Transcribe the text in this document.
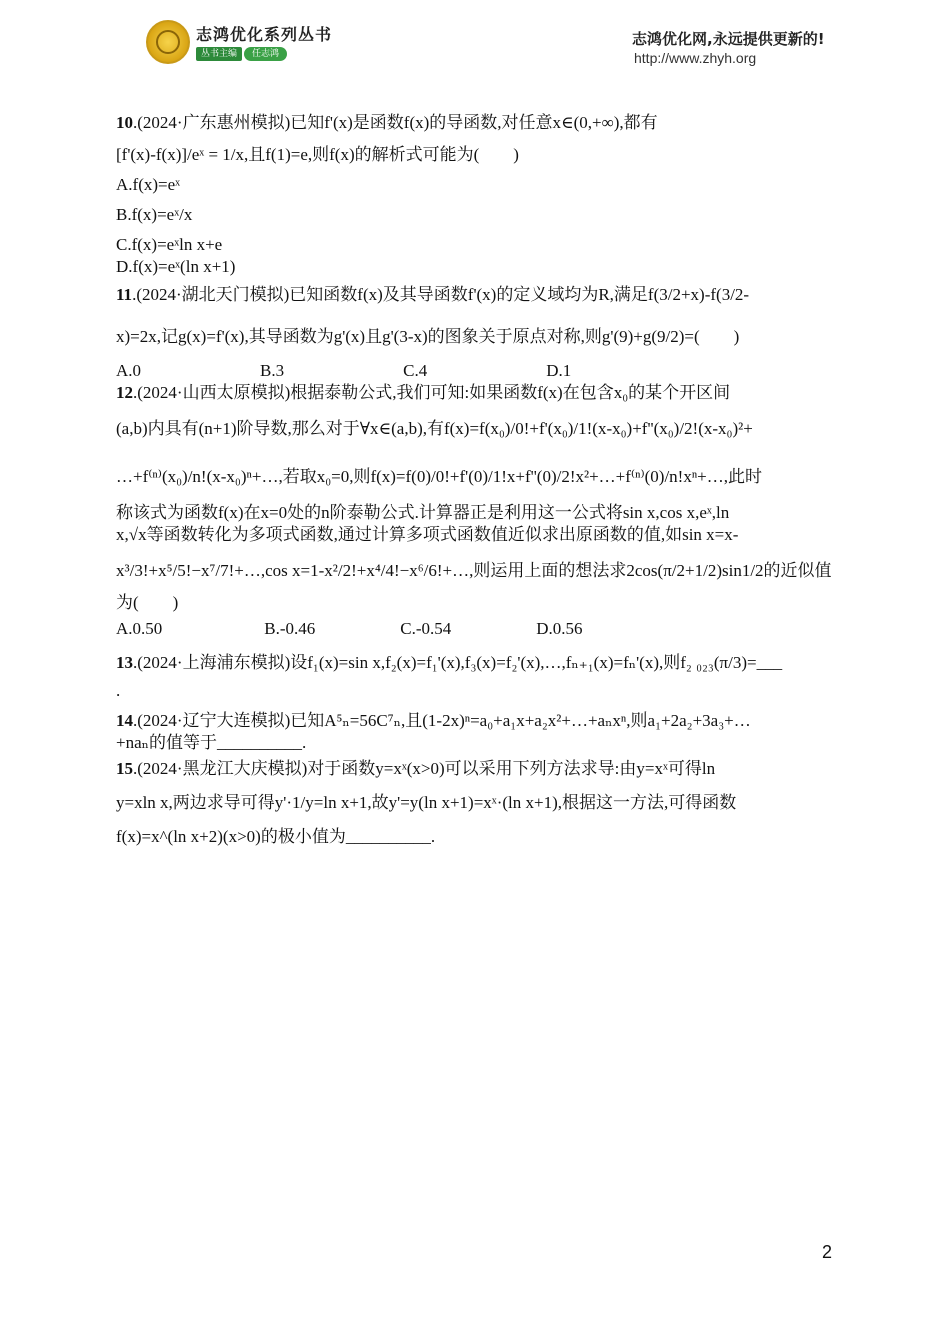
志鸿优化系列丛书
丛书主编	任志鸿
志鸿优化网,永远提供更新的!
http://www.zhyh.org

10.(2024·广东惠州模拟)已知f'(x)是函数f(x)的导函数,对任意x∈(0,+∞),都有

[f'(x)-f(x)]/eˣ = 1/x,且f(1)=e,则f(x)的解析式可能为(　　)

A.f(x)=eˣ

B.f(x)=eˣ/x

C.f(x)=eˣln x+e

D.f(x)=eˣ(ln x+1)

11.(2024·湖北天门模拟)已知函数f(x)及其导函数f'(x)的定义域均为R,满足f(3/2+x)-f(3/2-

x)=2x,记g(x)=f'(x),其导函数为g'(x)且g'(3-x)的图象关于原点对称,则g'(9)+g(9/2)=(　　)

A.0　　　　　　　B.3　　　　　　　C.4　　　　　　　D.1

12.(2024·山西太原模拟)根据泰勒公式,我们可知:如果函数f(x)在包含x₀的某个开区间

(a,b)内具有(n+1)阶导数,那么对于∀x∈(a,b),有f(x)=f(x₀)/0!+f'(x₀)/1!(x-x₀)+f''(x₀)/2!(x-x₀)²+

…+f⁽ⁿ⁾(x₀)/n!(x-x₀)ⁿ+…,若取x₀=0,则f(x)=f(0)/0!+f'(0)/1!x+f''(0)/2!x²+…+f⁽ⁿ⁾(0)/n!xⁿ+…,此时

称该式为函数f(x)在x=0处的n阶泰勒公式.计算器正是利用这一公式将sin x,cos x,eˣ,ln

x,√x等函数转化为多项式函数,通过计算多项式函数值近似求出原函数的值,如sin x=x-

x³/3!+x⁵/5!−x⁷/7!+…,cos x=1-x²/2!+x⁴/4!−x⁶/6!+…,则运用上面的想法求2cos(π/2+1/2)sin1/2的近似值

为(　　)

A.0.50　　　　　　B.-0.46　　　　　C.-0.54　　　　　D.0.56

13.(2024·上海浦东模拟)设f₁(x)=sin x,f₂(x)=f₁'(x),f₃(x)=f₂'(x),…,fₙ₊₁(x)=fₙ'(x),则f₂ ₀₂₃(π/3)=___

.

14.(2024·辽宁大连模拟)已知A⁵ₙ=56C⁷ₙ,且(1-2x)ⁿ=a₀+a₁x+a₂x²+…+aₙxⁿ,则a₁+2a₂+3a₃+…

+naₙ的值等于__________.

15.(2024·黑龙江大庆模拟)对于函数y=xˣ(x>0)可以采用下列方法求导:由y=xˣ可得ln

y=xln x,两边求导可得y'·1/y=ln x+1,故y'=y(ln x+1)=xˣ·(ln x+1),根据这一方法,可得函数

f(x)=x^(ln x+2)(x>0)的极小值为__________.

2
